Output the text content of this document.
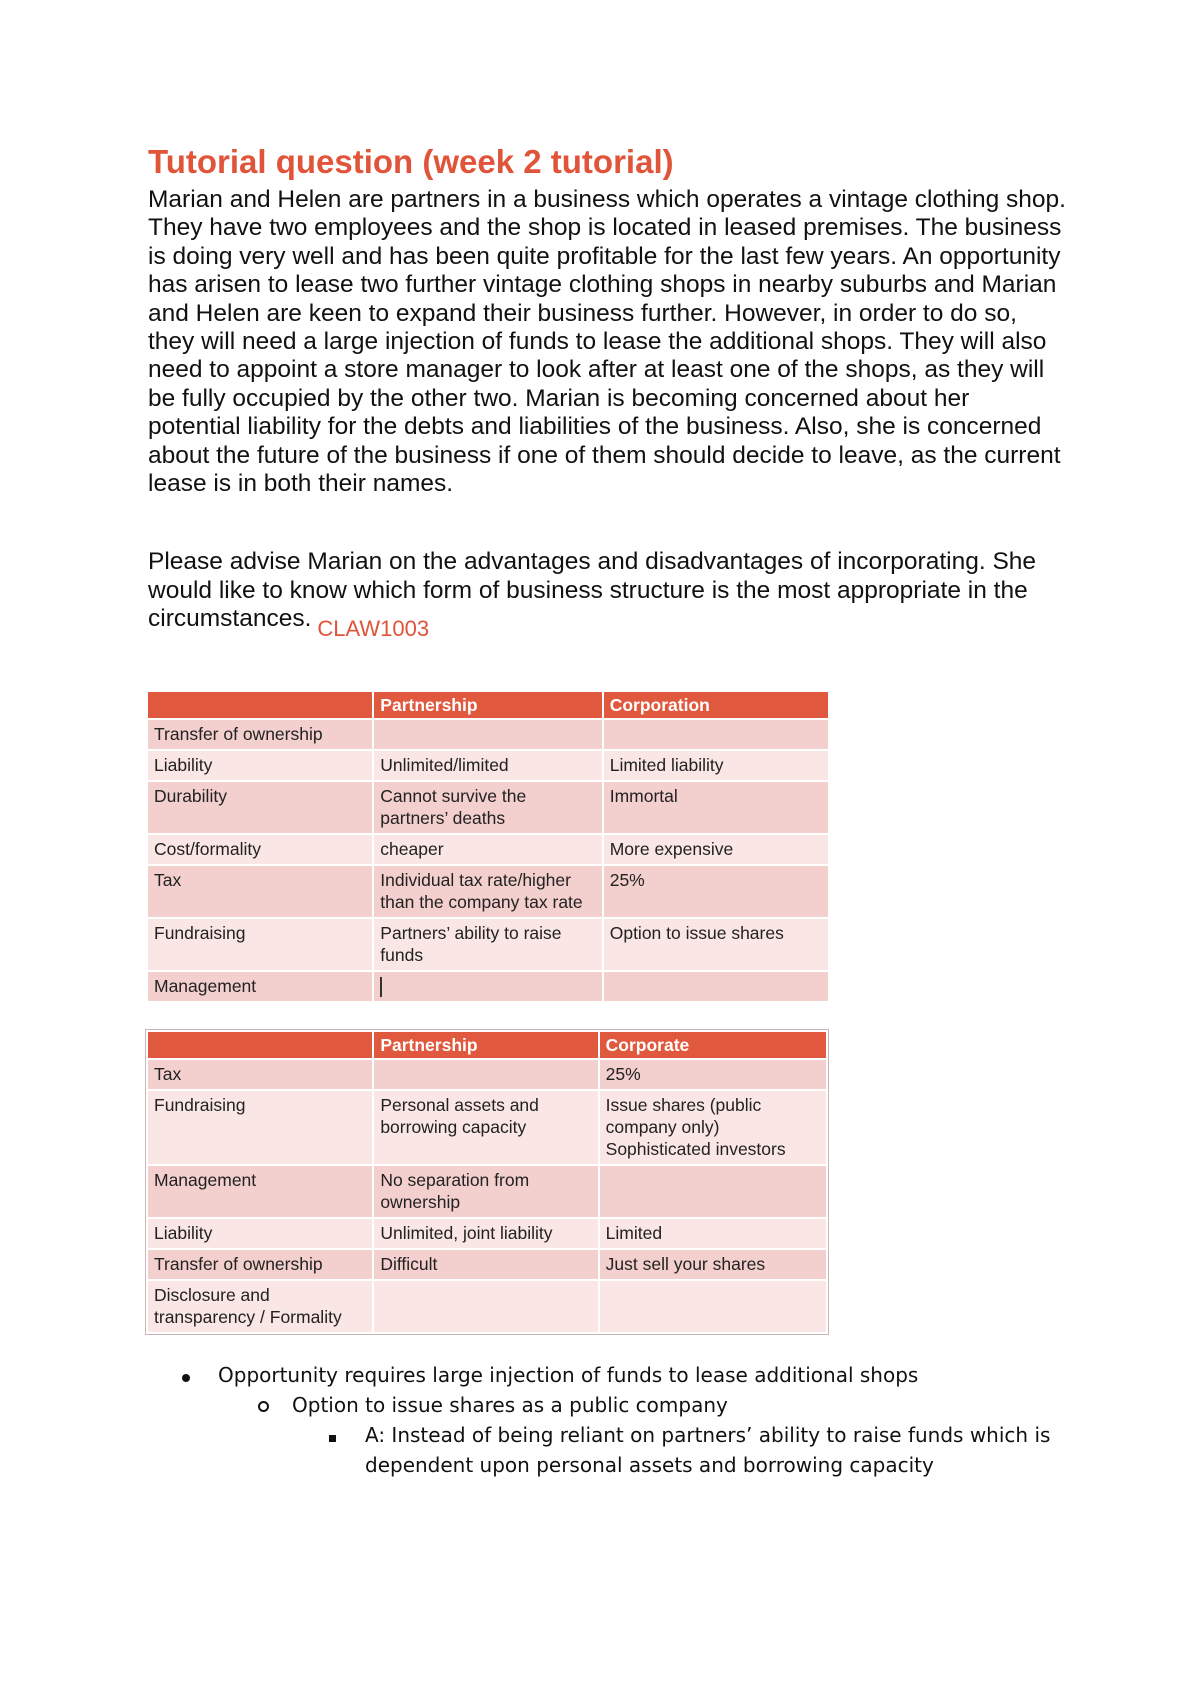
Tutorial question (week 2 tutorial)

Marian and Helen are partners in a business which operates a vintage clothing shop. They have two employees and the shop is located in leased premises. The business is doing very well and has been quite profitable for the last few years. An opportunity has arisen to lease two further vintage clothing shops in nearby suburbs and Marian and Helen are keen to expand their business further. However, in order to do so, they will need a large injection of funds to lease the additional shops. They will also need to appoint a store manager to look after at least one of the shops, as they will be fully occupied by the other two. Marian is becoming concerned about her potential liability for the debts and liabilities of the business. Also, she is concerned about the future of the business if one of them should decide to leave, as the current lease is in both their names.

Please advise Marian on the advantages and disadvantages of incorporating. She would like to know which form of business structure is the most appropriate in the circumstances. CLAW1003

	Partnership	Corporation
Transfer of ownership		
Liability	Unlimited/limited	Limited liability
Durability	Cannot survive the partners’ deaths	Immortal
Cost/formality	cheaper	More expensive
Tax	Individual tax rate/higher than the company tax rate	25%
Fundraising	Partners’ ability to raise funds	Option to issue shares
Management		
	Partnership	Corporate
Tax		25%
Fundraising	Personal assets and borrowing capacity	Issue shares (public company only) Sophisticated investors
Management	No separation from ownership	
Liability	Unlimited, joint liability	Limited
Transfer of ownership	Difficult	Just sell your shares
Disclosure and transparency / Formality		
Opportunity requires large injection of funds to lease additional shops
Option to issue shares as a public company
A: Instead of being reliant on partners’ ability to raise funds which is dependent upon personal assets and borrowing capacity
